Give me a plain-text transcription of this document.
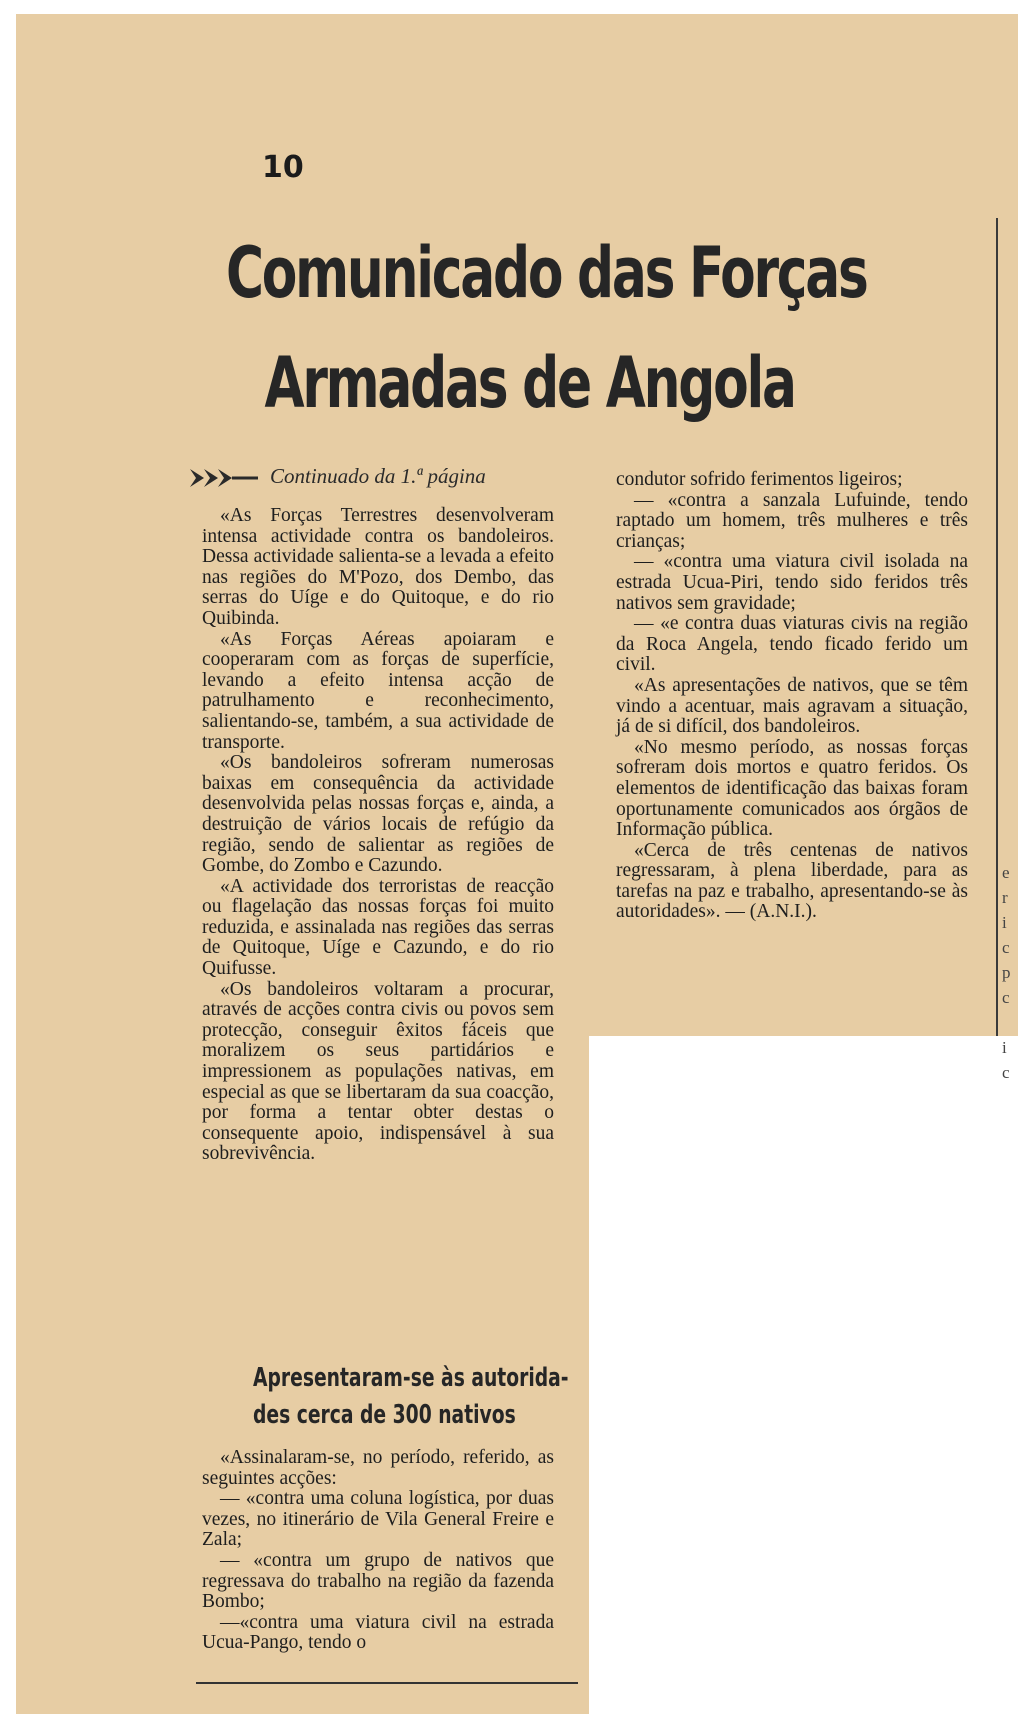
10
Comunicado das Forças
Armadas de Angola
Continuado da 1.ª página

«As Forças Terrestres desenvolveram intensa actividade contra os bandoleiros. Dessa actividade salienta-se a levada a efeito nas regiões do M'Pozo, dos Dembo, das serras do Uíge e do Quitoque, e do rio Quibinda.

«As Forças Aéreas apoiaram e cooperaram com as forças de superfície, levando a efeito intensa acção de patrulhamento e reconhecimento, salientando-se, também, a sua actividade de transporte.

«Os bandoleiros sofreram numerosas baixas em consequência da actividade desenvolvida pelas nossas forças e, ainda, a destruição de vários locais de refúgio da região, sendo de salientar as regiões de Gombe, do Zombo e Cazundo.

«A actividade dos terroristas de reacção ou flagelação das nossas forças foi muito reduzida, e assinalada nas regiões das serras de Quitoque, Uíge e Cazundo, e do rio Quifusse.

«Os bandoleiros voltaram a procurar, através de acções contra civis ou povos sem protecção, conseguir êxitos fáceis que moralizem os seus partidários e impressionem as populações nativas, em especial as que se libertaram da sua coacção, por forma a tentar obter destas o consequente apoio, indispensável à sua sobrevivência.

Apresentaram-se às autorida-
des cerca de 300 nativos

«Assinalaram-se, no período, referido, as seguintes acções:

— «contra uma coluna logística, por duas vezes, no itinerário de Vila General Freire e Zala;

— «contra um grupo de nativos que regressava do trabalho na região da fazenda Bombo;

—«contra uma viatura civil na estrada Ucua-Pango, tendo o

condutor sofrido ferimentos ligeiros;

— «contra a sanzala Lufuinde, tendo raptado um homem, três mulheres e três crianças;

— «contra uma viatura civil isolada na estrada Ucua-Piri, tendo sido feridos três nativos sem gravidade;

— «e contra duas viaturas civis na região da Roca Angela, tendo ficado ferido um civil.

«As apresentações de nativos, que se têm vindo a acentuar, mais agravam a situação, já de si difícil, dos bandoleiros.

«No mesmo período, as nossas forças sofreram dois mortos e quatro feridos. Os elementos de identificação das baixas foram oportunamente comunicados aos órgãos de Informação pública.

«Cerca de três centenas de nativos regressaram, à plena liberdade, para as tarefas na paz e trabalho, apresentando-se às autoridades». — (A.N.I.).

e
r
i
c
p
c

i
c
